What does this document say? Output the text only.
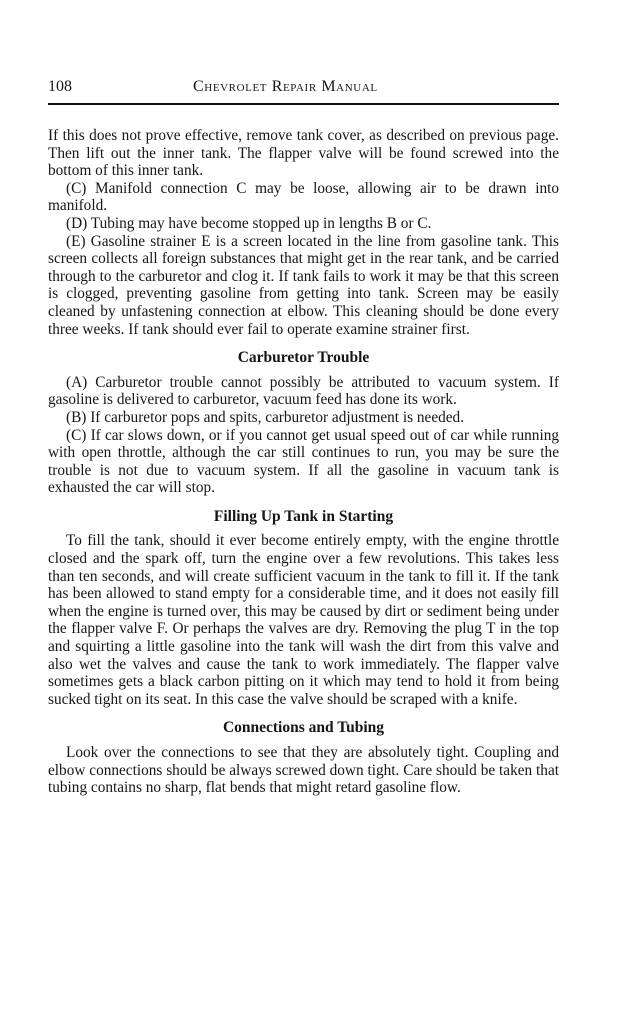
108	Chevrolet Repair Manual

If this does not prove effective, remove tank cover, as described on previous page. Then lift out the inner tank. The flapper valve will be found screwed into the bottom of this inner tank.

(C) Manifold connection C may be loose, allowing air to be drawn into manifold.

(D) Tubing may have become stopped up in lengths B or C.

(E) Gasoline strainer E is a screen located in the line from gasoline tank. This screen collects all foreign substances that might get in the rear tank, and be carried through to the carburetor and clog it. If tank fails to work it may be that this screen is clogged, preventing gasoline from getting into tank. Screen may be easily cleaned by unfastening connection at elbow. This cleaning should be done every three weeks. If tank should ever fail to operate examine strainer first.

Carburetor Trouble

(A) Carburetor trouble cannot possibly be attributed to vacuum system. If gasoline is delivered to carburetor, vacuum feed has done its work.

(B) If carburetor pops and spits, carburetor adjustment is needed.

(C) If car slows down, or if you cannot get usual speed out of car while running with open throttle, although the car still continues to run, you may be sure the trouble is not due to vacuum system. If all the gasoline in vacuum tank is exhausted the car will stop.

Filling Up Tank in Starting

To fill the tank, should it ever become entirely empty, with the engine throttle closed and the spark off, turn the engine over a few revolutions. This takes less than ten seconds, and will create sufficient vacuum in the tank to fill it. If the tank has been allowed to stand empty for a considerable time, and it does not easily fill when the engine is turned over, this may be caused by dirt or sediment being under the flapper valve F. Or perhaps the valves are dry. Removing the plug T in the top and squirting a little gasoline into the tank will wash the dirt from this valve and also wet the valves and cause the tank to work immediately. The flapper valve sometimes gets a black carbon pitting on it which may tend to hold it from being sucked tight on its seat. In this case the valve should be scraped with a knife.

Connections and Tubing

Look over the connections to see that they are absolutely tight. Coupling and elbow connections should be always screwed down tight. Care should be taken that tubing contains no sharp, flat bends that might retard gasoline flow.
